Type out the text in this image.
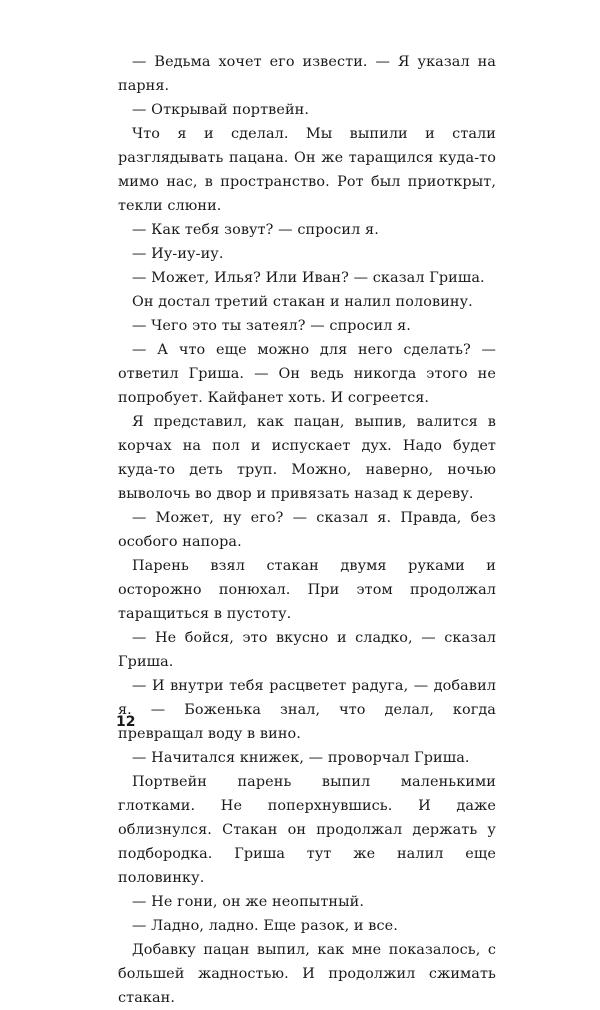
— Ведьма хочет его извести. — Я указал на парня.

— Открывай портвейн.

Что я и сделал. Мы выпили и стали разглядывать пацана. Он же таращился куда-то мимо нас, в пространство. Рот был приоткрыт, текли слюни.

— Как тебя зовут? — спросил я.

— Иу-иу-иу.

— Может, Илья? Или Иван? — сказал Гриша.

Он достал третий стакан и налил половину.

— Чего это ты затеял? — спросил я.

— А что еще можно для него сделать? — ответил Гриша. — Он ведь никогда этого не попробует. Кайфанет хоть. И согреется.

Я представил, как пацан, выпив, валится в корчах на пол и испускает дух. Надо будет куда-то деть труп. Можно, наверно, ночью выволочь во двор и привязать назад к дереву.

— Может, ну его? — сказал я. Правда, без особого напора.

Парень взял стакан двумя руками и осторожно понюхал. При этом продолжал таращиться в пустоту.

— Не бойся, это вкусно и сладко, — сказал Гриша.

— И внутри тебя расцветет радуга, — добавил я. — Боженька знал, что делал, когда превращал воду в вино.

— Начитался книжек, — проворчал Гриша.

Портвейн парень выпил маленькими глотками. Не поперхнувшись. И даже облизнулся. Стакан он продолжал держать у подбородка. Гриша тут же налил еще половинку.

— Не гони, он же неопытный.

— Ладно, ладно. Еще разок, и все.

Добавку пацан выпил, как мне показалось, с большей жадностью. И продолжил сжимать стакан.

12
